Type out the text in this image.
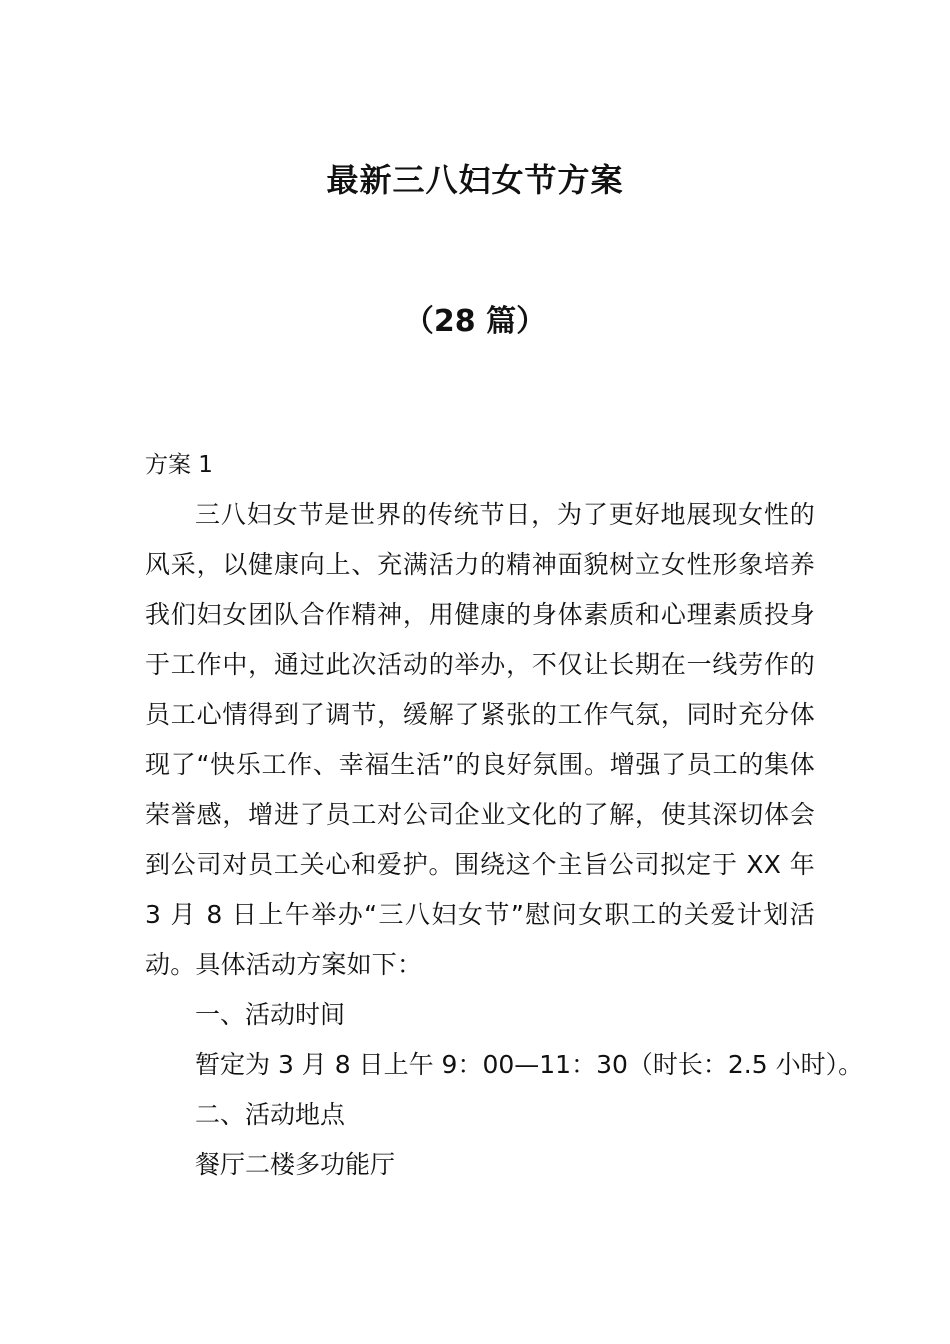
最新三八妇女节方案
（28 篇）

方案 1

三八妇女节是世界的传统节日，为了更好地展现女性的风采，以健康向上、充满活力的精神面貌树立女性形象培养我们妇女团队合作精神，用健康的身体素质和心理素质投身于工作中，通过此次活动的举办，不仅让长期在一线劳作的员工心情得到了调节，缓解了紧张的工作气氛，同时充分体现了“快乐工作、幸福生活”的良好氛围。增强了员工的集体荣誉感，增进了员工对公司企业文化的了解，使其深切体会到公司对员工关心和爱护。围绕这个主旨公司拟定于 XX 年 3 月 8 日上午举办“三八妇女节”慰问女职工的关爱计划活动。具体活动方案如下：

一、活动时间

暂定为 3 月 8 日上午 9：00—11：30（时长：2.5 小时）。

二、活动地点

餐厅二楼多功能厅
